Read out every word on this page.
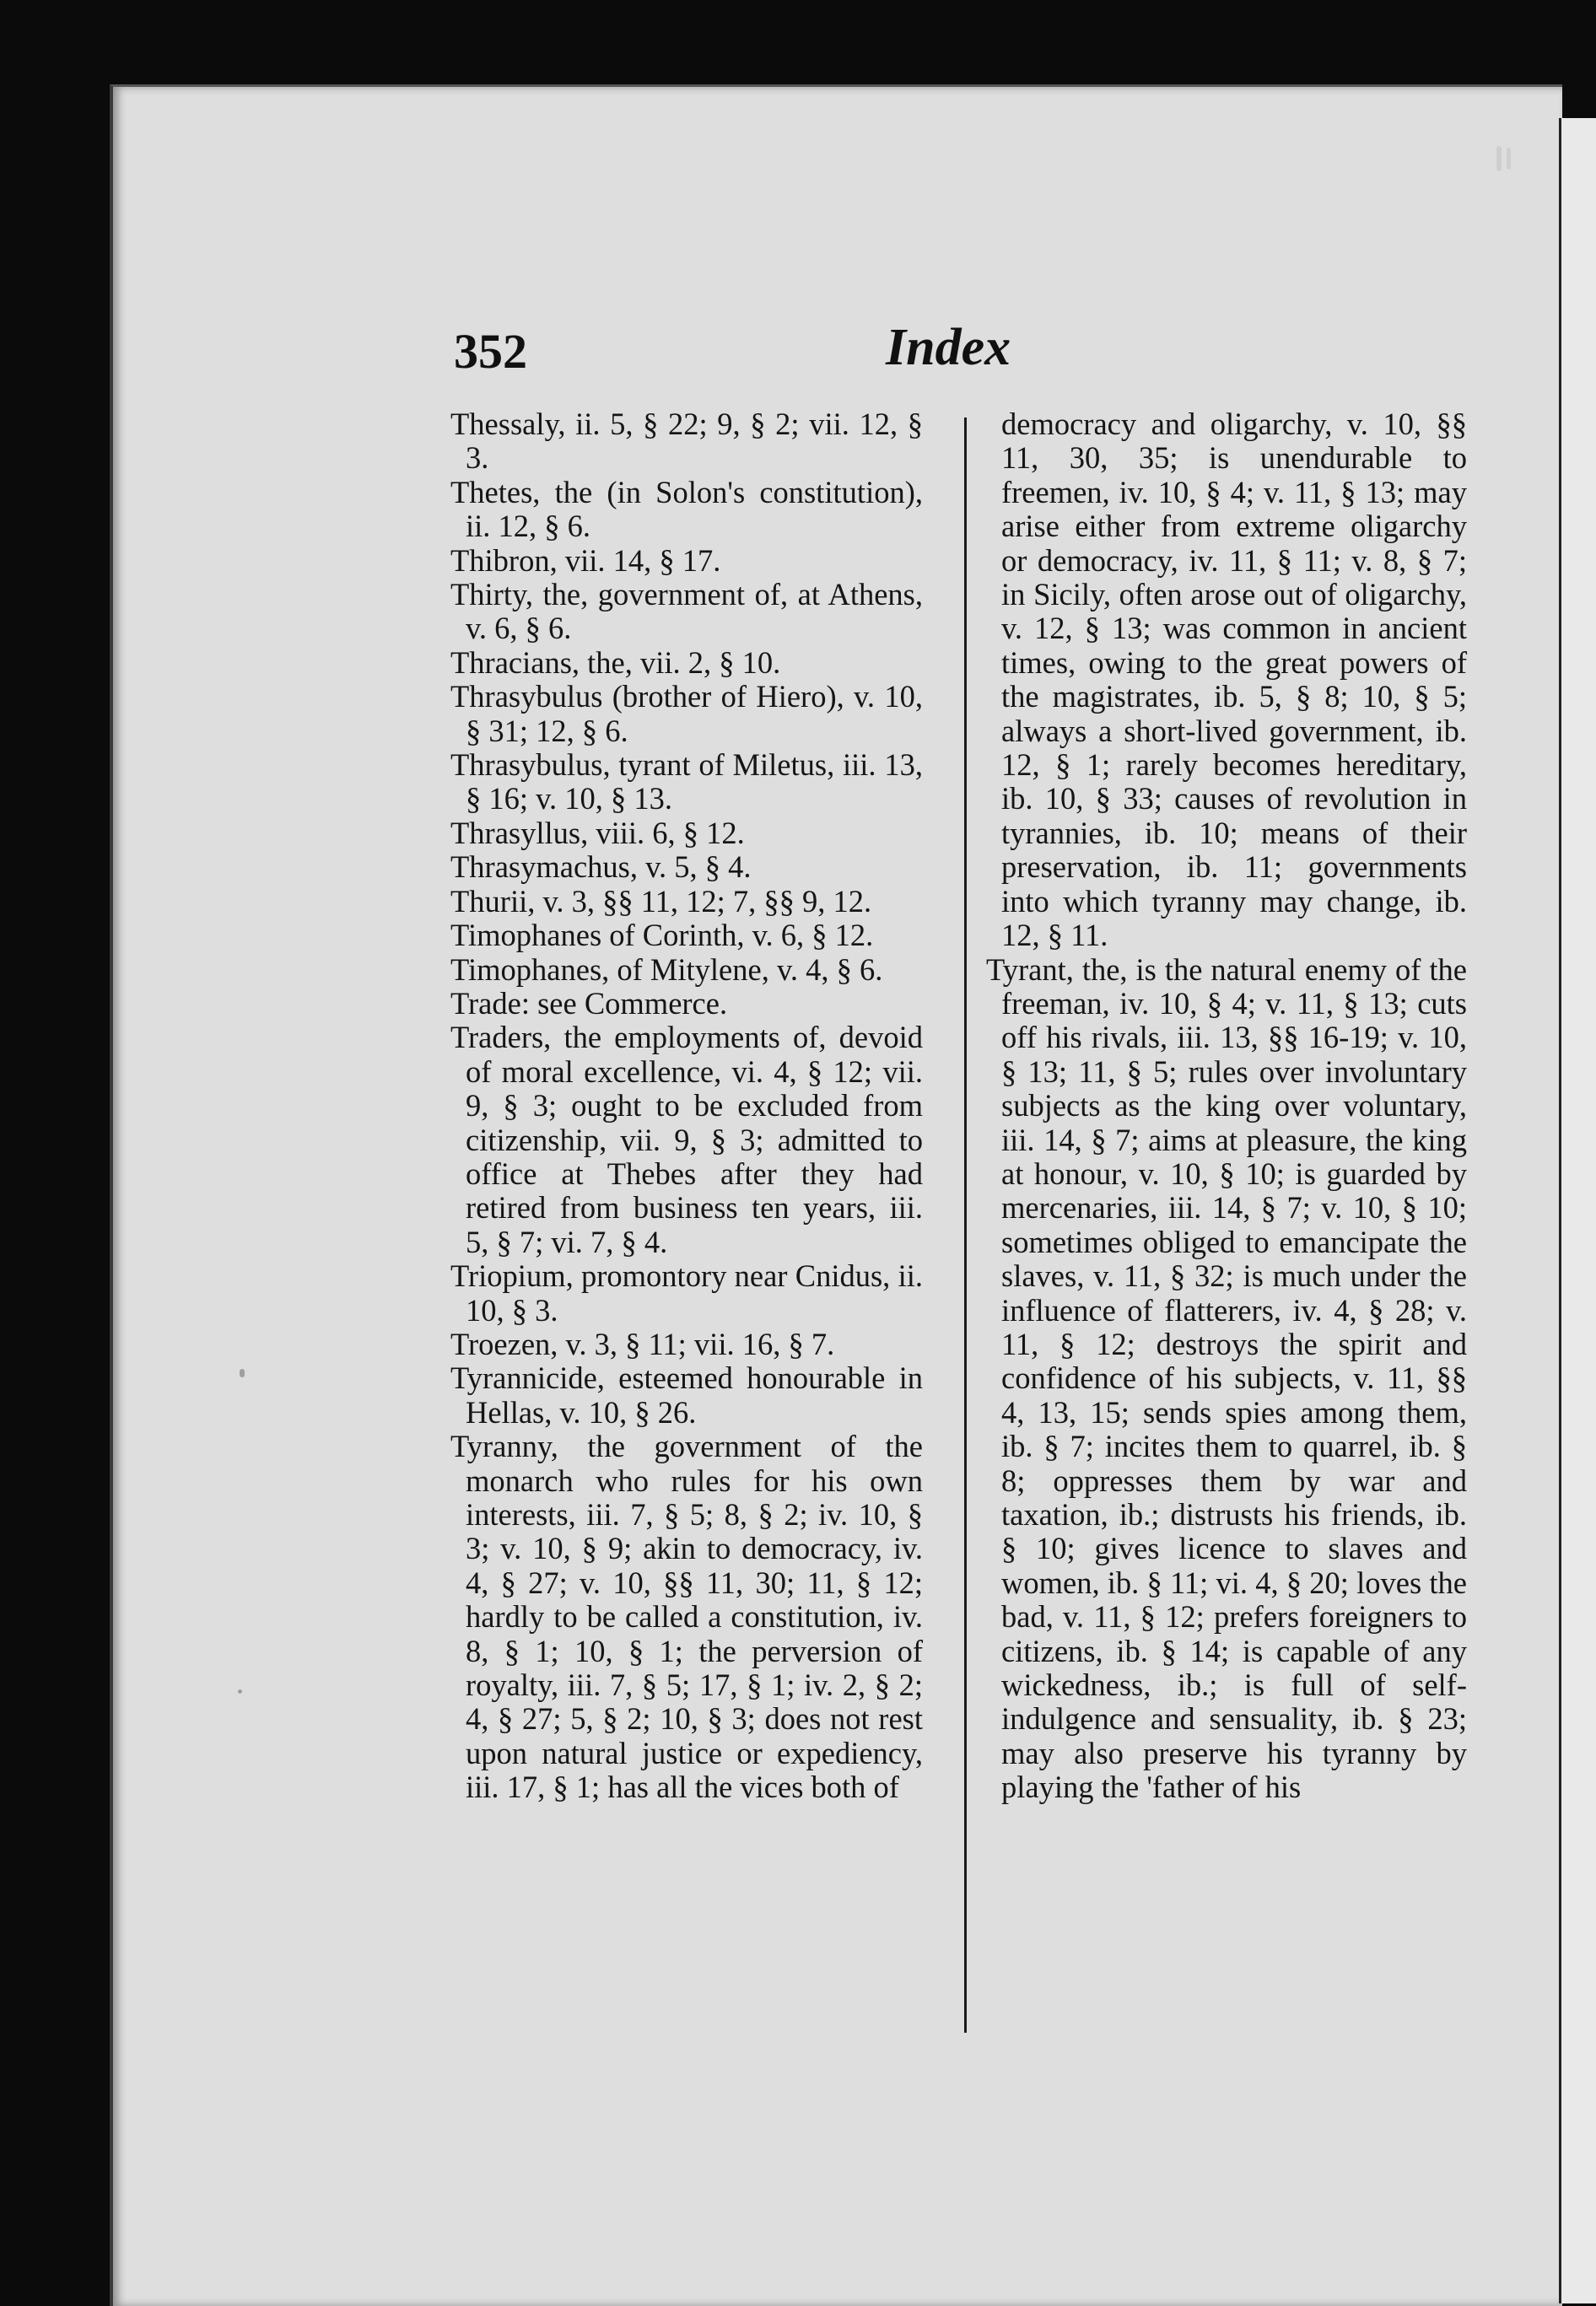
352	Index

Thessaly, ii. 5, § 22; 9, § 2; vii. 12, § 3.

Thetes, the (in Solon's constitution), ii. 12, § 6.

Thibron, vii. 14, § 17.

Thirty, the, government of, at Athens, v. 6, § 6.

Thracians, the, vii. 2, § 10.

Thrasybulus (brother of Hiero), v. 10, § 31; 12, § 6.

Thrasybulus, tyrant of Miletus, iii. 13, § 16; v. 10, § 13.

Thrasyllus, viii. 6, § 12.

Thrasymachus, v. 5, § 4.

Thurii, v. 3, §§ 11, 12; 7, §§ 9, 12.

Timophanes of Corinth, v. 6, § 12.

Timophanes, of Mitylene, v. 4, § 6.

Trade: see Commerce.

Traders, the employments of, devoid of moral excellence, vi. 4, § 12; vii. 9, § 3; ought to be excluded from citizenship, vii. 9, § 3; admitted to office at Thebes after they had retired from business ten years, iii. 5, § 7; vi. 7, § 4.

Triopium, promontory near Cnidus, ii. 10, § 3.

Troezen, v. 3, § 11; vii. 16, § 7.

Tyrannicide, esteemed honourable in Hellas, v. 10, § 26.

Tyranny, the government of the monarch who rules for his own interests, iii. 7, § 5; 8, § 2; iv. 10, § 3; v. 10, § 9; akin to democracy, iv. 4, § 27; v. 10, §§ 11, 30; 11, § 12; hardly to be called a constitution, iv. 8, § 1; 10, § 1; the perversion of royalty, iii. 7, § 5; 17, § 1; iv. 2, § 2; 4, § 27; 5, § 2; 10, § 3; does not rest upon natural justice or expediency, iii. 17, § 1; has all the vices both of

democracy and oligarchy, v. 10, §§ 11, 30, 35; is unendurable to freemen, iv. 10, § 4; v. 11, § 13; may arise either from extreme oligarchy or democracy, iv. 11, § 11; v. 8, § 7; in Sicily, often arose out of oligarchy, v. 12, § 13; was common in ancient times, owing to the great powers of the magistrates, ib. 5, § 8; 10, § 5; always a short-lived government, ib. 12, § 1; rarely becomes hereditary, ib. 10, § 33; causes of revolution in tyrannies, ib. 10; means of their preservation, ib. 11; governments into which tyranny may change, ib. 12, § 11.

Tyrant, the, is the natural enemy of the freeman, iv. 10, § 4; v. 11, § 13; cuts off his rivals, iii. 13, §§ 16-19; v. 10, § 13; 11, § 5; rules over involuntary subjects as the king over voluntary, iii. 14, § 7; aims at pleasure, the king at honour, v. 10, § 10; is guarded by mercenaries, iii. 14, § 7; v. 10, § 10; sometimes obliged to emancipate the slaves, v. 11, § 32; is much under the influence of flatterers, iv. 4, § 28; v. 11, § 12; destroys the spirit and confidence of his subjects, v. 11, §§ 4, 13, 15; sends spies among them, ib. § 7; incites them to quarrel, ib. § 8; oppresses them by war and taxation, ib.; distrusts his friends, ib. § 10; gives licence to slaves and women, ib. § 11; vi. 4, § 20; loves the bad, v. 11, § 12; prefers foreigners to citizens, ib. § 14; is capable of any wickedness, ib.; is full of self-indulgence and sensuality, ib. § 23; may also preserve his tyranny by playing the 'father of his
